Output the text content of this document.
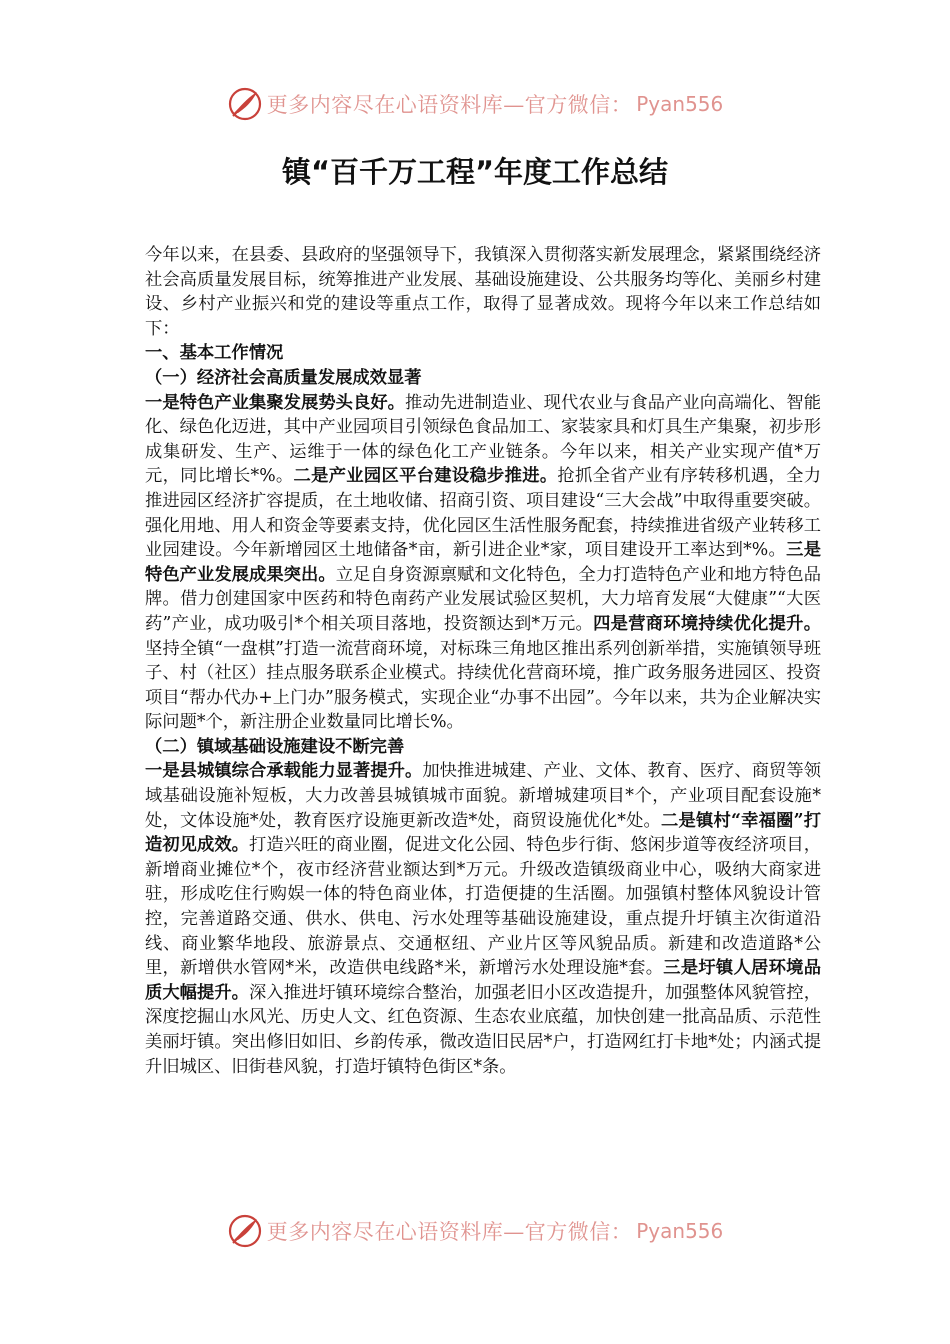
更多内容尽在心语资料库—官方微信： Pyan556
镇“百千万工程”年度工作总结

今年以来，在县委、县政府的坚强领导下，我镇深入贯彻落实新发展理念，紧紧围绕经济社会高质量发展目标，统筹推进产业发展、基础设施建设、公共服务均等化、美丽乡村建设、乡村产业振兴和党的建设等重点工作，取得了显著成效。现将今年以来工作总结如下：

一、基本工作情况

（一）经济社会高质量发展成效显著

一是特色产业集聚发展势头良好。推动先进制造业、现代农业与食品产业向高端化、智能化、绿色化迈进，其中产业园项目引领绿色食品加工、家装家具和灯具生产集聚，初步形成集研发、生产、运维于一体的绿色化工产业链条。今年以来，相关产业实现产值*万元，同比增长*%。二是产业园区平台建设稳步推进。抢抓全省产业有序转移机遇，全力推进园区经济扩容提质，在土地收储、招商引资、项目建设“三大会战”中取得重要突破。强化用地、用人和资金等要素支持，优化园区生活性服务配套，持续推进省级产业转移工业园建设。今年新增园区土地储备*亩，新引进企业*家，项目建设开工率达到*%。三是特色产业发展成果突出。立足自身资源禀赋和文化特色，全力打造特色产业和地方特色品牌。借力创建国家中医药和特色南药产业发展试验区契机，大力培育发展“大健康”“大医药”产业，成功吸引*个相关项目落地，投资额达到*万元。四是营商环境持续优化提升。坚持全镇“一盘棋”打造一流营商环境，对标珠三角地区推出系列创新举措，实施镇领导班子、村（社区）挂点服务联系企业模式。持续优化营商环境，推广政务服务进园区、投资项目“帮办代办+上门办”服务模式，实现企业“办事不出园”。今年以来，共为企业解决实际问题*个，新注册企业数量同比增长%。

（二）镇域基础设施建设不断完善

一是县城镇综合承载能力显著提升。加快推进城建、产业、文体、教育、医疗、商贸等领域基础设施补短板，大力改善县城镇城市面貌。新增城建项目*个，产业项目配套设施*处，文体设施*处，教育医疗设施更新改造*处，商贸设施优化*处。二是镇村“幸福圈”打造初见成效。打造兴旺的商业圈，促进文化公园、特色步行街、悠闲步道等夜经济项目，新增商业摊位*个，夜市经济营业额达到*万元。升级改造镇级商业中心，吸纳大商家进驻，形成吃住行购娱一体的特色商业体，打造便捷的生活圈。加强镇村整体风貌设计管控，完善道路交通、供水、供电、污水处理等基础设施建设，重点提升圩镇主次街道沿线、商业繁华地段、旅游景点、交通枢纽、产业片区等风貌品质。新建和改造道路*公里，新增供水管网*米，改造供电线路*米，新增污水处理设施*套。三是圩镇人居环境品质大幅提升。深入推进圩镇环境综合整治，加强老旧小区改造提升，加强整体风貌管控，深度挖掘山水风光、历史人文、红色资源、生态农业底蕴，加快创建一批高品质、示范性美丽圩镇。突出修旧如旧、乡韵传承，微改造旧民居*户，打造网红打卡地*处；内涵式提升旧城区、旧街巷风貌，打造圩镇特色街区*条。

更多内容尽在心语资料库—官方微信： Pyan556
